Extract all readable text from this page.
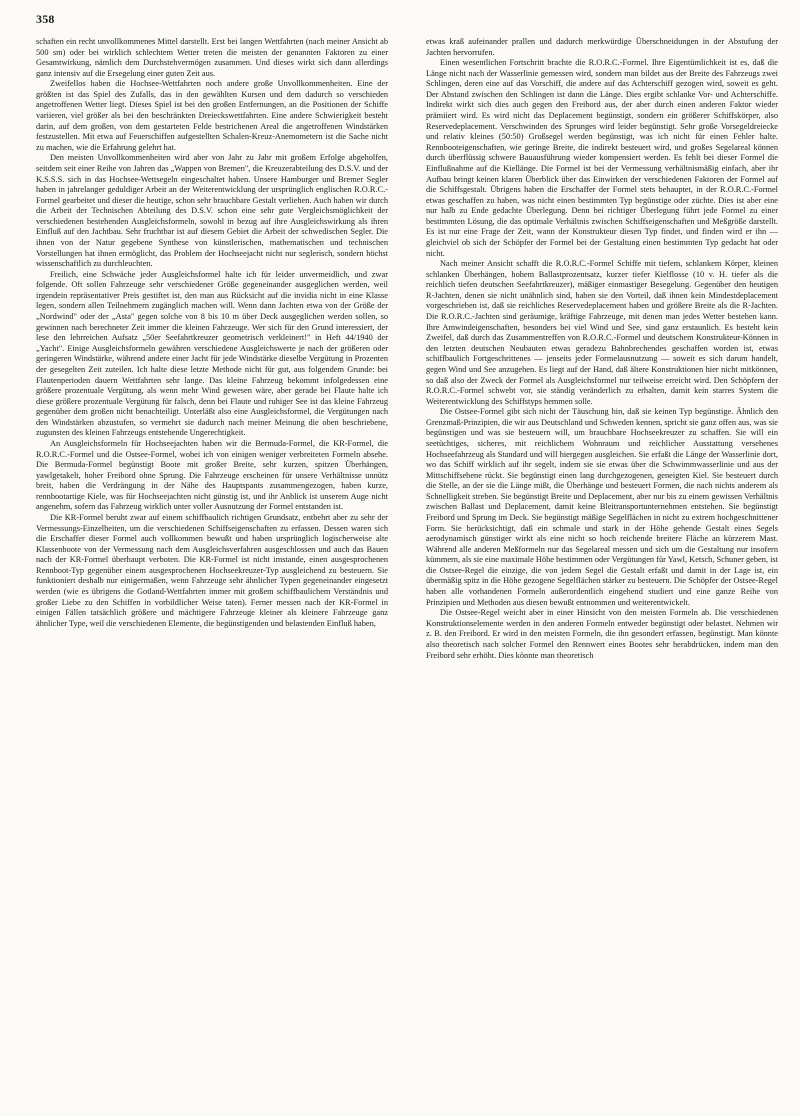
358

schaften ein recht unvollkommenes Mittel darstellt. Erst bei langen Wettfahrten (nach meiner Ansicht ab 500 sm) oder bei wirklich schlechtem Wetter treten die meisten der genannten Faktoren zu einer Gesamtwirkung, nämlich dem Durchstehvermögen zusammen. Und dieses wirkt sich dann allerdings ganz intensiv auf die Ersegelung einer guten Zeit aus.

Zweifellos haben die Hochsee-Wettfahrten noch andere große Unvollkommenheiten. Eine der größten ist das Spiel des Zufalls, das in den gewählten Kursen und dem dadurch so verschieden angetroffenen Wetter liegt. Dieses Spiel ist bei den großen Entfernungen, an die Positionen der Schiffe variieren, viel größer als bei den beschränkten Dreieckswettfahrten. Eine andere Schwierigkeit besteht darin, auf dem großen, von dem gestarteten Felde bestrichenen Areal die angetroffenen Windstärken festzustellen. Mit etwa auf Feuerschiffen aufgestellten Schalen-Kreuz-Anemometern ist die Sache nicht zu machen, wie die Erfahrung gelehrt hat.

Den meisten Unvollkommenheiten wird aber von Jahr zu Jahr mit großem Erfolge abgeholfen, seitdem seit einer Reihe von Jahren das „Wappen von Bremen", die Kreuzerabteilung des D.S.V. und der K.S.S.S. sich in das Hochsee-Wettsegeln eingeschaltet haben. Unsere Hamburger und Bremer Segler haben in jahrelanger geduldiger Arbeit an der Weiterentwicklung der ursprünglich englischen R.O.R.C.-Formel gearbeitet und dieser die heutige, schon sehr brauchbare Gestalt verliehen. Auch haben wir durch die Arbeit der Technischen Abteilung des D.S.V. schon eine sehr gute Vergleichsmöglichkeit der verschiedenen bestehenden Ausgleichsformeln, sowohl in bezug auf ihre Ausgleichswirkung als ihren Einfluß auf den Jachtbau. Sehr fruchtbar ist auf diesem Gebiet die Arbeit der schwedischen Segler. Die ihnen von der Natur gegebene Synthese von künstlerischen, mathematischen und technischen Vorstellungen hat ihnen ermöglicht, das Problem der Hochseejacht nicht nur seglerisch, sondern höchst wissenschaftlich zu durchleuchten.

Freilich, eine Schwäche jeder Ausgleichsformel halte ich für leider unvermeidlich, und zwar folgende. Oft sollen Fahrzeuge sehr verschiedener Größe gegeneinander ausgeglichen werden, weil irgendein repräsentativer Preis gestiftet ist, den man aus Rücksicht auf die invidia nicht in eine Klasse legen, sondern allen Teilnehmern zugänglich machen will. Wenn dann Jachten etwa von der Größe der „Nordwind" oder der „Asta" gegen solche von 8 bis 10 m über Deck ausgeglichen werden sollen, so gewinnen nach berechneter Zeit immer die kleinen Fahrzeuge. Wer sich für den Grund interessiert, der lese den lehrreichen Aufsatz „50er Seefahrtkreuzer geometrisch verkleinert!" in Heft 44/1940 der „Yacht". Einige Ausgleichsformeln gewähren verschiedene Ausgleichswerte je nach der größeren oder geringeren Windstärke, während andere einer Jacht für jede Windstärke dieselbe Vergütung in Prozenten der gesegelten Zeit zuteilen. Ich halte diese letzte Methode nicht für gut, aus folgendem Grunde: bei Flautenperioden dauern Wettfahrten sehr lange. Das kleine Fahrzeug bekommt infolgedessen eine größere prozentuale Vergütung, als wenn mehr Wind gewesen wäre, aber gerade bei Flaute halte ich diese größere prozentuale Vergütung für falsch, denn bei Flaute und ruhiger See ist das kleine Fahrzeug gegenüber dem großen nicht benachteiligt. Unterläßt also eine Ausgleichsformel, die Vergütungen nach den Windstärken abzustufen, so vermehrt sie dadurch nach meiner Meinung die oben beschriebene, zugunsten des kleinen Fahrzeugs entstehende Ungerechtigkeit.

An Ausgleichsformeln für Hochseejachten haben wir die Bermuda-Formel, die KR-Formel, die R.O.R.C.-Formel und die Ostsee-Formel, wobei ich von einigen weniger verbreiteten Formeln absehe. Die Bermuda-Formel begünstigt Boote mit großer Breite, sehr kurzen, spitzen Überhängen, yawlgetakelt, hoher Freibord ohne Sprung. Die Fahrzeuge erscheinen für unsere Verhältnisse unnütz breit, haben die Verdrängung in der Nähe des Hauptspants zusammengezogen, haben kurze, rennbootartige Kiele, was für Hochseejachten nicht günstig ist, und ihr Anblick ist unserem Auge nicht angenehm, sofern das Fahrzeug wirklich unter voller Ausnutzung der Formel entstanden ist.

Die KR-Formel beruht zwar auf einem schiffbaulich richtigen Grundsatz, entbehrt aber zu sehr der Vermessungs-Einzelheiten, um die verschiedenen Schiffseigenschaften zu erfassen. Dessen waren sich die Erschaffer dieser Formel auch vollkommen bewußt und haben ursprünglich logischerweise alte Klassenboote von der Vermessung nach dem Ausgleichsverfahren ausgeschlossen und auch das Bauen nach der KR-Formel überhaupt verboten. Die KR-Formel ist nicht imstande, einen ausgesprochenen Rennboot-Typ gegenüber einem ausgesprochenen Hochseekreuzer-Typ ausgleichend zu besteuern. Sie funktioniert deshalb nur einigermaßen, wenn Fahrzeuge sehr ähnlicher Typen gegeneinander eingesetzt werden (wie es übrigens die Gotland-Wettfahrten immer mit großem schiffbaulichem Verständnis und großer Liebe zu den Schiffen in vorbildlicher Weise taten). Ferner messen nach der KR-Formel in einigen Fällen tatsächlich größere und mächtigere Fahrzeuge kleiner als kleinere Fahrzeuge ganz ähnlicher Type, weil die verschiedenen Elemente, die begünstigenden und belastenden Einfluß haben,

etwas kraß aufeinander prallen und dadurch merkwürdige Überschneidungen in der Abstufung der Jachten hervorrufen.

Einen wesentlichen Fortschritt brachte die R.O.R.C.-Formel. Ihre Eigentümlichkeit ist es, daß die Länge nicht nach der Wasserlinie gemessen wird, sondern man bildet aus der Breite des Fahrzeugs zwei Schlingen, deren eine auf das Vorschiff, die andere auf das Achterschiff gezogen wird, soweit es geht. Der Abstand zwischen den Schlingen ist dann die Länge. Dies ergibt schlanke Vor- und Achterschiffe. Indirekt wirkt sich dies auch gegen den Freibord aus, der aber durch einen anderen Faktor wieder prämiiert wird. Es wird nicht das Deplacement begünstigt, sondern ein größerer Schiffskörper, also Reservedeplacement. Verschwinden des Sprunges wird leider begünstigt. Sehr große Vorsegeldreiecke und relativ kleines (50:50) Großsegel werden begünstigt, was ich nicht für einen Fehler halte. Rennbooteigenschaften, wie geringe Breite, die indirekt besteuert wird, und großes Segelareal können durch überflüssig schwere Bauausführung wieder kompensiert werden. Es fehlt bei dieser Formel die Einflußnahme auf die Kiellänge. Die Formel ist bei der Vermessung verhältnismäßig einfach, aber ihr Aufbau bringt keinen klaren Überblick über das Einwirken der verschiedenen Faktoren der Formel auf die Schiffsgestalt. Übrigens haben die Erschaffer der Formel stets behauptet, in der R.O.R.C.-Formel etwas geschaffen zu haben, was nicht einen bestimmten Typ begünstige oder züchte. Dies ist aber eine nur halb zu Ende gedachte Überlegung. Denn bei richtiger Überlegung führt jede Formel zu einer bestimmten Lösung, die das optimale Verhältnis zwischen Schiffseigenschaften und Meßgröße darstellt. Es ist nur eine Frage der Zeit, wann der Konstrukteur diesen Typ findet, und finden wird er ihn — gleichviel ob sich der Schöpfer der Formel bei der Gestaltung einen bestimmten Typ gedacht hat oder nicht.

Nach meiner Ansicht schafft die R.O.R.C.-Formel Schiffe mit tiefem, schlankem Körper, kleinen schlanken Überhängen, hohem Ballastprozentsatz, kurzer tiefer Kielflosse (10 v. H. tiefer als die reichlich tiefen deutschen Seefahrtkreuzer), mäßiger einmastiger Besegelung. Gegenüber den heutigen R-Jachten, denen sie nicht unähnlich sind, haben sie den Vorteil, daß ihnen kein Mindestdeplacement vorgeschrieben ist, daß sie reichliches Reservedeplacement haben und größere Breite als die R-Jachten. Die R.O.R.C.-Jachten sind geräumige, kräftige Fahrzeuge, mit denen man jedes Wetter bestehen kann. Ihre Amwindeigenschaften, besonders bei viel Wind und See, sind ganz erstaunlich. Es besteht kein Zweifel, daß durch das Zusammentreffen von R.O.R.C.-Formel und deutschem Konstrukteur-Können in den letzten deutschen Neubauten etwas geradezu Bahnbrechendes geschaffen worden ist, etwas schiffbaulich Fortgeschrittenes — jenseits jeder Formelausnutzung — soweit es sich darum handelt, gegen Wind und See anzugehen. Es liegt auf der Hand, daß ältere Konstruktionen hier nicht mitkönnen, so daß also der Zweck der Formel als Ausgleichsformel nur teilweise erreicht wird. Den Schöpfern der R.O.R.C.-Formel schwebt vor, sie ständig veränderlich zu erhalten, damit kein starres System die Weiterentwicklung des Schiffstyps hemmen solle.

Die Ostsee-Formel gibt sich nicht der Täuschung hin, daß sie keinen Typ begünstige. Ähnlich den Grenzmaß-Prinzipien, die wir aus Deutschland und Schweden kennen, spricht sie ganz offen aus, was sie begünstigen und was sie besteuern will, um brauchbare Hochseekreuzer zu schaffen. Sie will ein seetüchtiges, sicheres, mit reichlichem Wohnraum und reichlicher Ausstattung versehenes Hochseefahrzeug als Standard und will hiergegen ausgleichen. Sie erfaßt die Länge der Wasserlinie dort, wo das Schiff wirklich auf ihr segelt, indem sie sie etwas über die Schwimmwasserlinie und aus der Mittschiffsebene rückt. Sie begünstigt einen lang durchgezogenen, geneigten Kiel. Sie besteuert durch die Stelle, an der sie die Länge mißt, die Überhänge und besteuert Formen, die nach nichts anderem als Schnelligkeit streben. Sie begünstigt Breite und Deplacement, aber nur bis zu einem gewissen Verhältnis zwischen Ballast und Deplacement, damit keine Bleitransportunternehmen entstehen. Sie begünstigt Freibord und Sprung im Deck. Sie begünstigt mäßige Segelflächen in nicht zu extrem hochgeschnittener Form. Sie berücksichtigt, daß ein schmale und stark in der Höhe gehende Gestalt eines Segels aerodynamisch günstiger wirkt als eine nicht so hoch reichende breitere Fläche an kürzerem Mast. Während alle anderen Meßformeln nur das Segelareal messen und sich um die Gestaltung nur insofern kümmern, als sie eine maximale Höhe bestimmen oder Vergütungen für Yawl, Ketsch, Schuner geben, ist die Ostsee-Regel die einzige, die von jedem Segel die Gestalt erfaßt und damit in der Lage ist, ein übermäßig spitz in die Höhe gezogene Segelflächen stärker zu besteuern. Die Schöpfer der Ostsee-Regel haben alle vorhandenen Formeln außerordentlich eingehend studiert und eine ganze Reihe von Prinzipien und Methoden aus diesen bewußt entnommen und weiterentwickelt.

Die Ostsee-Regel weicht aber in einer Hinsicht von den meisten Formeln ab. Die verschiedenen Konstruktionselemente werden in den anderen Formeln entweder begünstigt oder belastet. Nehmen wir z. B. den Freibord. Er wird in den meisten Formeln, die ihn gesondert erfassen, begünstigt. Man könnte also theoretisch nach solcher Formel den Rennwert eines Bootes sehr herabdrücken, indem man den Freibord sehr erhöht. Dies könnte man theoretisch
